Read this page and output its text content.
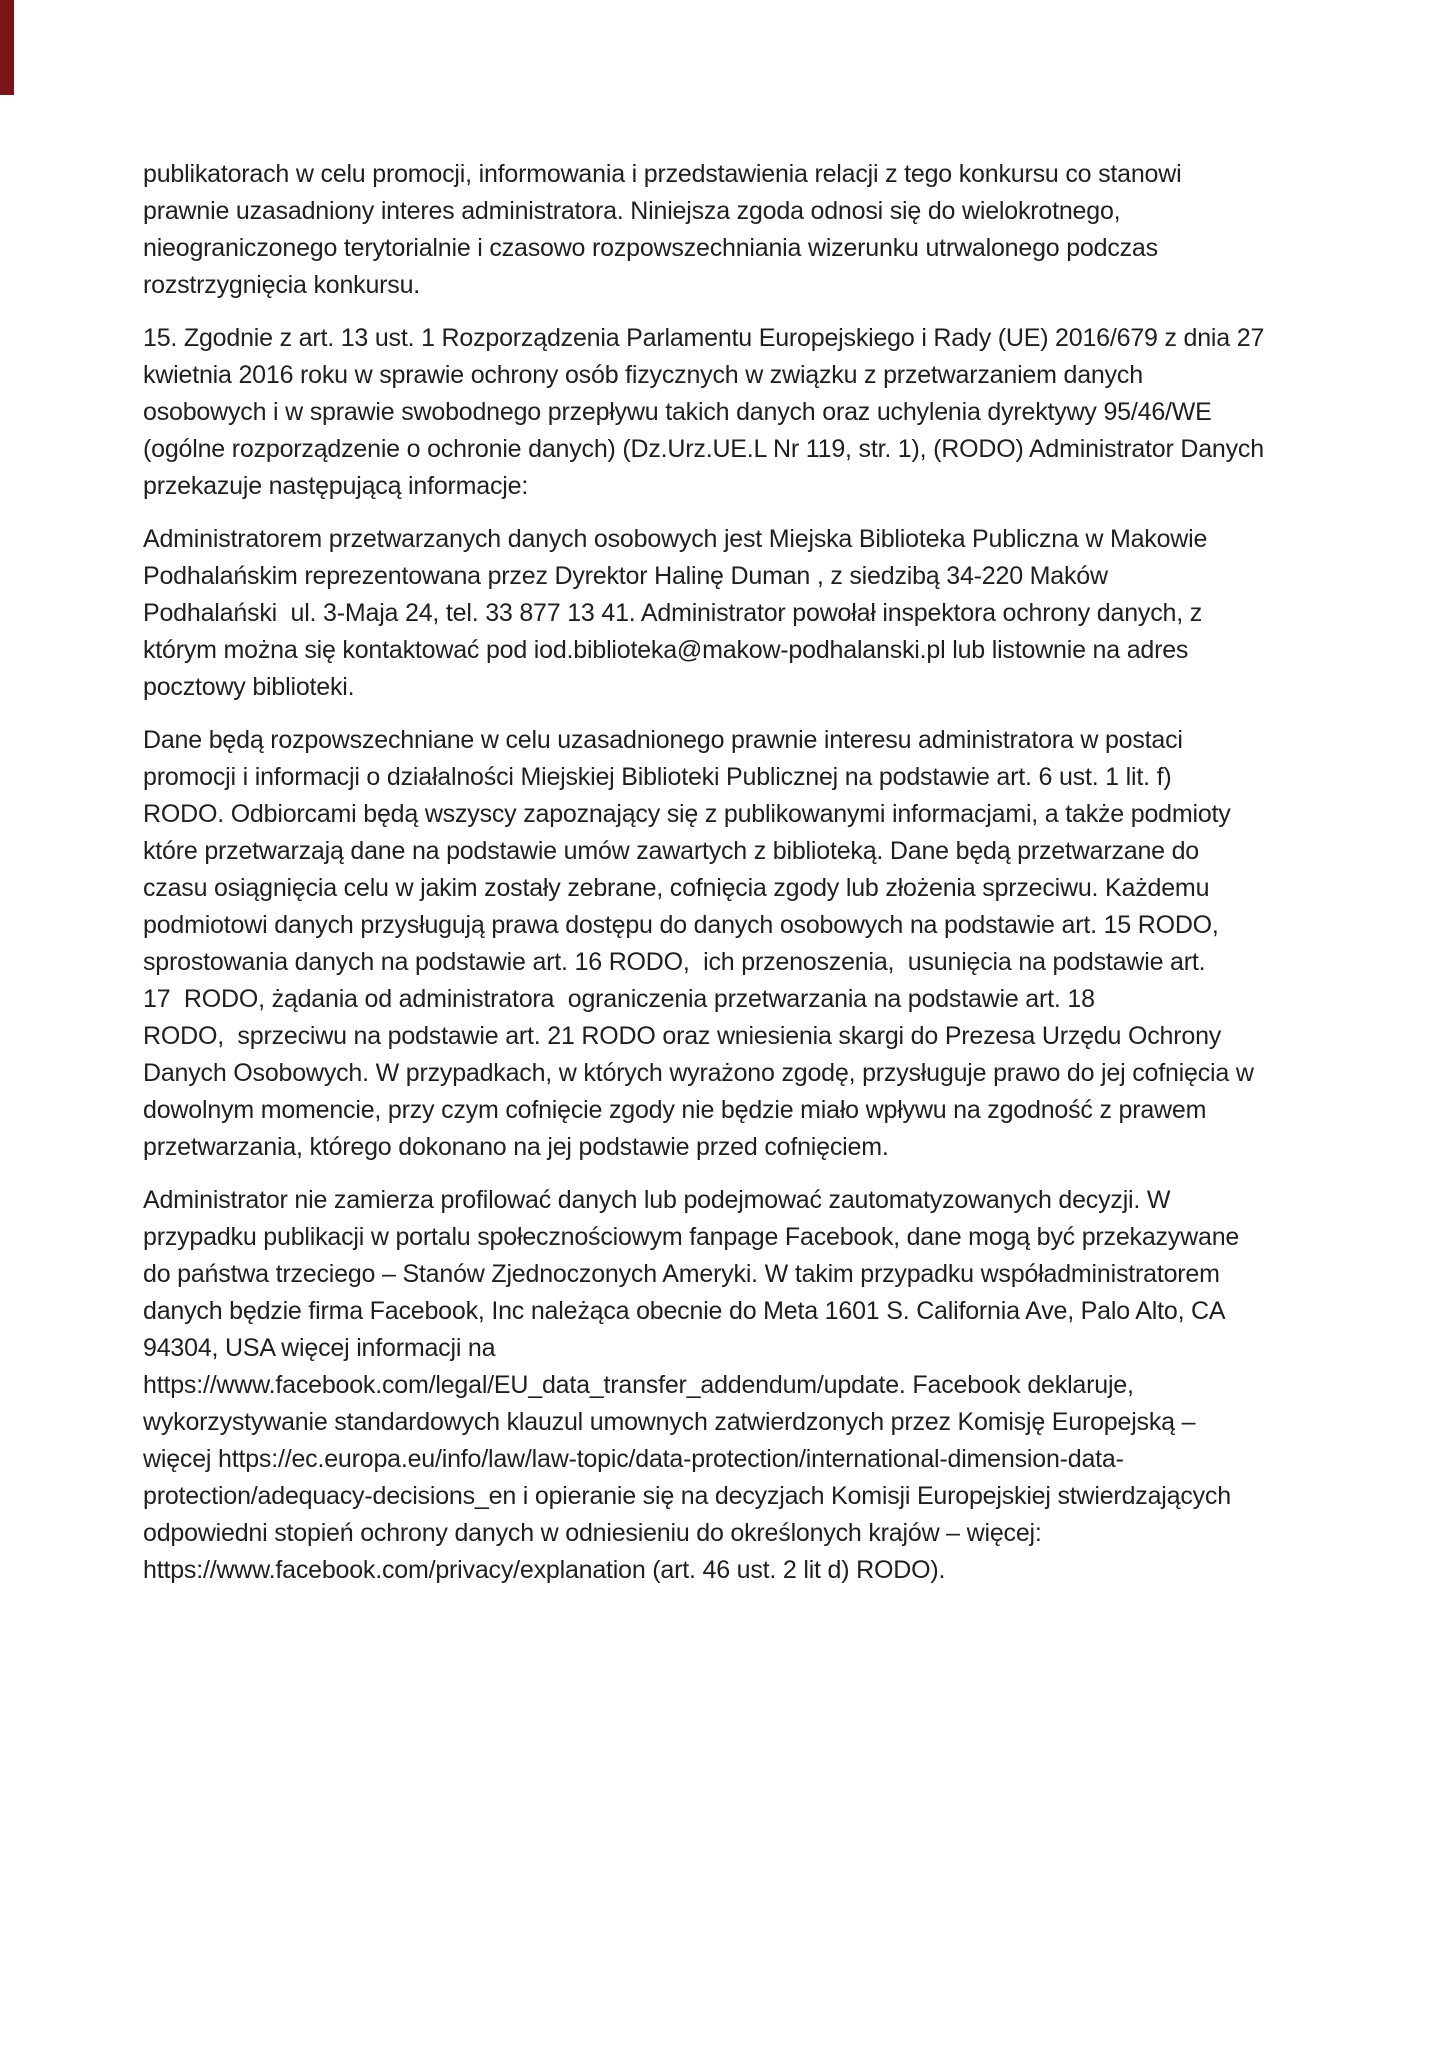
publikatorach w celu promocji, informowania i przedstawienia relacji z tego konkursu co stanowi
prawnie uzasadniony interes administratora. Niniejsza zgoda odnosi się do wielokrotnego,
nieograniczonego terytorialnie i czasowo rozpowszechniania wizerunku utrwalonego podczas
rozstrzygnięcia konkursu.
15. Zgodnie z art. 13 ust. 1 Rozporządzenia Parlamentu Europejskiego i Rady (UE) 2016/679 z dnia 27
kwietnia 2016 roku w sprawie ochrony osób fizycznych w związku z przetwarzaniem danych
osobowych i w sprawie swobodnego przepływu takich danych oraz uchylenia dyrektywy 95/46/WE
(ogólne rozporządzenie o ochronie danych) (Dz.Urz.UE.L Nr 119, str. 1), (RODO) Administrator Danych
przekazuje następującą informacje:
Administratorem przetwarzanych danych osobowych jest Miejska Biblioteka Publiczna w Makowie
Podhalańskim reprezentowana przez Dyrektor Halinę Duman , z siedzibą 34-220 Maków
Podhalański  ul. 3-Maja 24, tel. 33 877 13 41. Administrator powołał inspektora ochrony danych, z
którym można się kontaktować pod iod.biblioteka@makow-podhalanski.pl lub listownie na adres
pocztowy biblioteki.
Dane będą rozpowszechniane w celu uzasadnionego prawnie interesu administratora w postaci
promocji i informacji o działalności Miejskiej Biblioteki Publicznej na podstawie art. 6 ust. 1 lit. f)
RODO. Odbiorcami będą wszyscy zapoznający się z publikowanymi informacjami, a także podmioty
które przetwarzają dane na podstawie umów zawartych z biblioteką. Dane będą przetwarzane do
czasu osiągnięcia celu w jakim zostały zebrane, cofnięcia zgody lub złożenia sprzeciwu. Każdemu
podmiotowi danych przysługują prawa dostępu do danych osobowych na podstawie art. 15 RODO,
sprostowania danych na podstawie art. 16 RODO,  ich przenoszenia,  usunięcia na podstawie art.
17  RODO, żądania od administratora  ograniczenia przetwarzania na podstawie art. 18
RODO,  sprzeciwu na podstawie art. 21 RODO oraz wniesienia skargi do Prezesa Urzędu Ochrony
Danych Osobowych. W przypadkach, w których wyrażono zgodę, przysługuje prawo do jej cofnięcia w
dowolnym momencie, przy czym cofnięcie zgody nie będzie miało wpływu na zgodność z prawem
przetwarzania, którego dokonano na jej podstawie przed cofnięciem.
Administrator nie zamierza profilować danych lub podejmować zautomatyzowanych decyzji. W
przypadku publikacji w portalu społecznościowym fanpage Facebook, dane mogą być przekazywane
do państwa trzeciego – Stanów Zjednoczonych Ameryki. W takim przypadku współadministratorem
danych będzie firma Facebook, Inc należąca obecnie do Meta 1601 S. California Ave, Palo Alto, CA
94304, USA więcej informacji na
https://www.facebook.com/legal/EU_data_transfer_addendum/update. Facebook deklaruje,
wykorzystywanie standardowych klauzul umownych zatwierdzonych przez Komisję Europejską –
więcej https://ec.europa.eu/info/law/law-topic/data-protection/international-dimension-data-
protection/adequacy-decisions_en i opieranie się na decyzjach Komisji Europejskiej stwierdzających
odpowiedni stopień ochrony danych w odniesieniu do określonych krajów – więcej:
https://www.facebook.com/privacy/explanation (art. 46 ust. 2 lit d) RODO).
